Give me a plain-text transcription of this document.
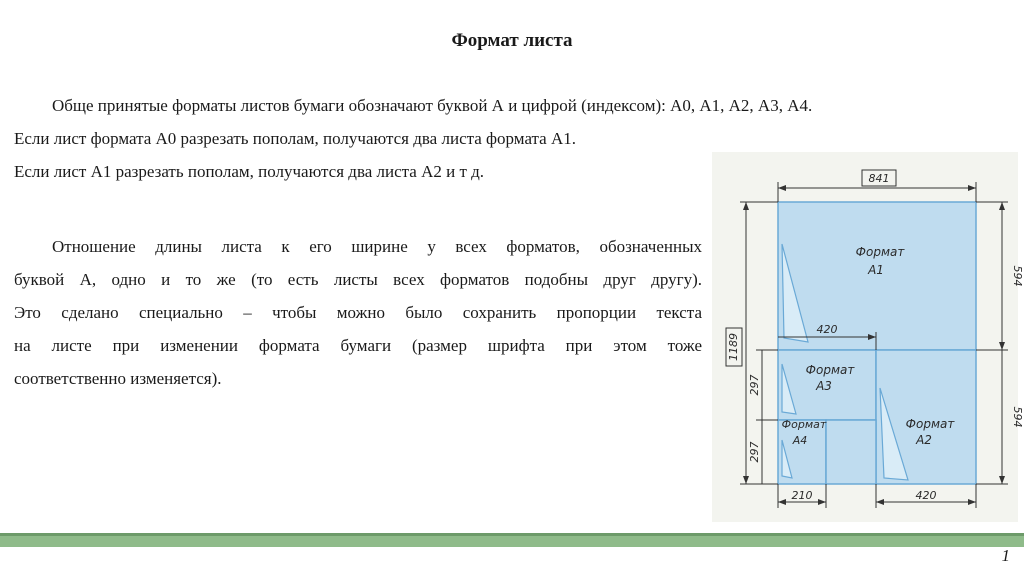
Формат листа

Обще принятые форматы листов бумаги обозначают буквой А и цифрой (индексом): А0, А1, А2, А3, А4.
Если лист формата А0 разрезать пополам, получаются два листа формата А1.
Если лист А1 разрезать пополам, получаются два листа А2 и т д.

Отношение длины листа к его ширине у всех форматов, обозначенных
буквой А, одно и то же (то есть листы всех форматов подобны друг другу).
Это сделано специально – чтобы можно было сохранить пропорции текста
на листе при изменении формата бумаги (размер шрифта при этом тоже
соответственно изменяется).

841
1189
594
594
420
297
297
210	420
Формат
А1
Формат
А3
Формат
А4
Формат
А2
1
